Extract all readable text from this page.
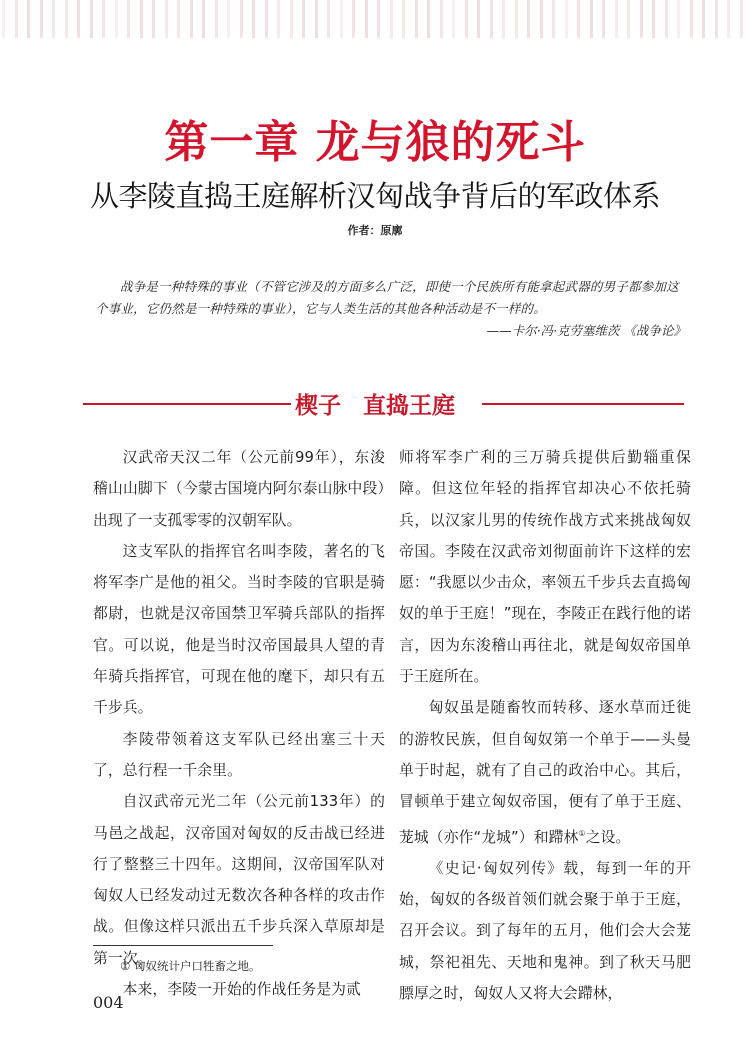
第一章 龙与狼的死斗
从李陵直捣王庭解析汉匈战争背后的军政体系
作者：原廓
战争是一种特殊的事业（不管它涉及的方面多么广泛，即使一个民族所有能拿起武器的男子都参加这个事业，它仍然是一种特殊的事业），它与人类生活的其他各种活动是不一样的。
——卡尔·冯·克劳塞维茨 《战争论》
楔子 直捣王庭

汉武帝天汉二年（公元前99年），东浚稽山山脚下（今蒙古国境内阿尔泰山脉中段）出现了一支孤零零的汉朝军队。

这支军队的指挥官名叫李陵，著名的飞将军李广是他的祖父。当时李陵的官职是骑都尉，也就是汉帝国禁卫军骑兵部队的指挥官。可以说，他是当时汉帝国最具人望的青年骑兵指挥官，可现在他的麾下，却只有五千步兵。

李陵带领着这支军队已经出塞三十天了，总行程一千余里。

自汉武帝元光二年（公元前133年）的马邑之战起，汉帝国对匈奴的反击战已经进行了整整三十四年。这期间，汉帝国军队对匈奴人已经发动过无数次各种各样的攻击作战。但像这样只派出五千步兵深入草原却是第一次。

本来，李陵一开始的作战任务是为贰

师将军李广利的三万骑兵提供后勤辎重保障。但这位年轻的指挥官却决心不依托骑兵，以汉家儿男的传统作战方式来挑战匈奴帝国。李陵在汉武帝刘彻面前许下这样的宏愿：“我愿以少击众，率领五千步兵去直捣匈奴的单于王庭！”现在，李陵正在践行他的诺言，因为东浚稽山再往北，就是匈奴帝国单于王庭所在。

匈奴虽是随畜牧而转移、逐水草而迁徙的游牧民族，但自匈奴第一个单于——头曼单于时起，就有了自己的政治中心。其后，冒顿单于建立匈奴帝国，便有了单于王庭、茏城（亦作“龙城”）和蹛林①之设。

《史记·匈奴列传》载，每到一年的开始，匈奴的各级首领们就会聚于单于王庭，召开会议。到了每年的五月，他们会大会茏城，祭祀祖先、天地和鬼神。到了秋天马肥膘厚之时，匈奴人又将大会蹛林，

① 匈奴统计户口牲畜之地。
004
